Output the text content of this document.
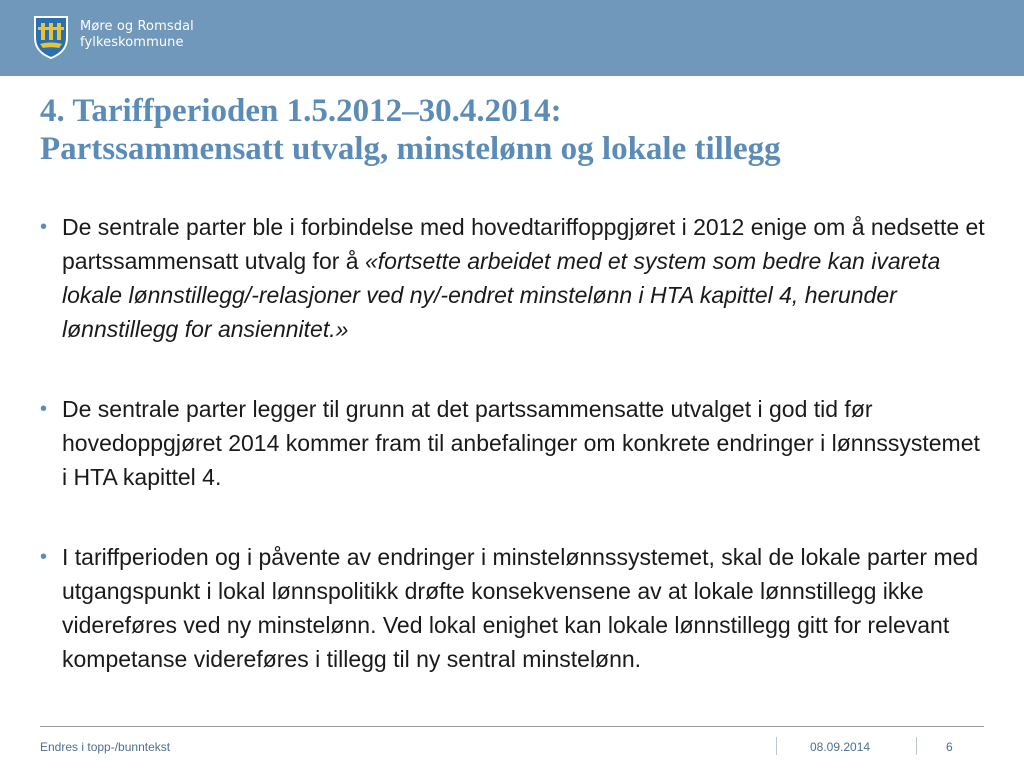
Møre og Romsdal
fylkeskommune
4. Tariffperioden 1.5.2012–30.4.2014:
Partssammensatt utvalg, minstelønn og lokale tillegg
• De sentrale parter ble i forbindelse med hovedtariffoppgjøret i 2012 enige om å nedsette et partssammensatt utvalg for å «fortsette arbeidet med et system som bedre kan ivareta lokale lønnstillegg/-relasjoner ved ny/-endret minstelønn i HTA kapittel 4, herunder lønnstillegg for ansiennitet.»
• De sentrale parter legger til grunn at det partssammensatte utvalget i god tid før hovedoppgjøret 2014 kommer fram til anbefalinger om konkrete endringer i lønnssystemet i HTA kapittel 4.
• I tariffperioden og i påvente av endringer i minstelønnssystemet, skal de lokale parter med utgangspunkt i lokal lønnspolitikk drøfte konsekvensene av at lokale lønnstillegg ikke videreføres ved ny minstelønn. Ved lokal enighet kan lokale lønnstillegg gitt for relevant kompetanse videreføres i tillegg til ny sentral minstelønn.
Endres i topp-/bunntekst	08.09.2014	6
